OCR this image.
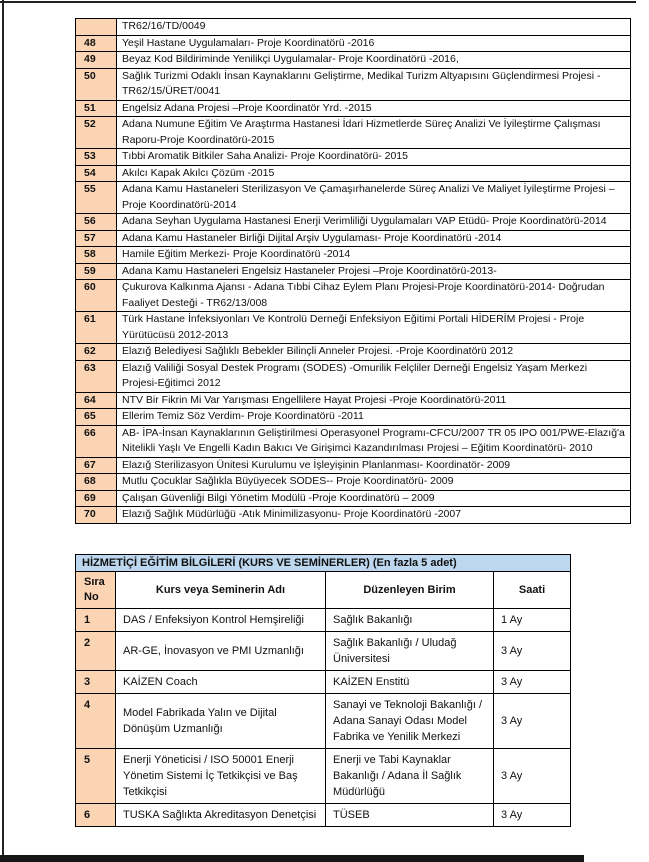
	TR62/16/TD/0049
48	Yeşil Hastane Uygulamaları- Proje Koordinatörü -2016
49	Beyaz Kod Bildiriminde Yenilikçi Uygulamalar- Proje Koordinatörü -2016,
50	Sağlık Turizmi Odaklı İnsan Kaynaklarını Geliştirme, Medikal Turizm Altyapısını Güçlendirmesi Projesi -TR62/15/ÜRET/0041
51	Engelsiz Adana Projesi –Proje Koordinatör Yrd. -2015
52	Adana Numune Eğitim Ve Araştırma Hastanesi İdari Hizmetlerde Süreç Analizi Ve İyileştirme Çalışması Raporu-Proje Koordinatörü-2015
53	Tıbbi Aromatik Bitkiler Saha Analizi- Proje Koordinatörü- 2015
54	Akılcı Kapak Akılcı Çözüm -2015
55	Adana Kamu Hastaneleri Sterilizasyon Ve Çamaşırhanelerde Süreç Analizi Ve Maliyet İyileştirme Projesi –Proje Koordinatörü-2014
56	Adana Seyhan Uygulama Hastanesi Enerji Verimliliği Uygulamaları VAP Etüdü- Proje Koordinatörü-2014
57	Adana Kamu Hastaneler Birliği Dijital Arşiv Uygulaması- Proje Koordinatörü -2014
58	Hamile Eğitim Merkezi- Proje Koordinatörü -2014
59	Adana Kamu Hastaneleri Engelsiz Hastaneler Projesi –Proje Koordinatörü-2013-
60	Çukurova Kalkınma Ajansı - Adana Tıbbi Cihaz Eylem Planı Projesi-Proje Koordinatörü-2014- Doğrudan Faaliyet Desteği - TR62/13/008
61	Türk Hastane İnfeksiyonları Ve Kontrolü Derneği Enfeksiyon Eğitimi Portali HİDERİM Projesi - Proje Yürütücüsü 2012-2013
62	Elazığ Belediyesi Sağlıklı Bebekler Bilinçli Anneler Projesi. -Proje Koordinatörü 2012
63	Elazığ Valiliği Sosyal Destek Programı (SODES) -Omurilik Felçliler Derneği Engelsiz Yaşam Merkezi Projesi-Eğitimci 2012
64	NTV Bir Fikrin Mi Var Yarışması Engellilere Hayat Projesi -Proje Koordinatörü-2011
65	Ellerim Temiz Söz Verdim- Proje Koordinatörü -2011
66	AB- İPA-İnsan Kaynaklarının Geliştirilmesi Operasyonel Programı-CFCU/2007 TR 05 IPO 001/PWE-Elazığ'a Nitelikli Yaşlı Ve Engelli Kadın Bakıcı Ve Girişimci Kazandırılması Projesi – Eğitim Koordinatörü- 2010
67	Elazığ Sterilizasyon Ünitesi Kurulumu ve İşleyişinin Planlanması- Koordinatör- 2009
68	Mutlu Çocuklar Sağlıkla Büyüyecek SODES-- Proje Koordinatörü- 2009
69	Çalışan Güvenliği Bilgi Yönetim Modülü -Proje Koordinatörü – 2009
70	Elazığ Sağlık Müdürlüğü -Atık Minimilizasyonu- Proje Koordinatörü -2007
HİZMETİÇİ EĞİTİM BİLGİLERİ (KURS VE SEMİNERLER) (En fazla 5 adet)			
Sıra No	Kurs veya Seminerin Adı	Düzenleyen Birim	Saati
1	DAS / Enfeksiyon Kontrol Hemşireliği	Sağlık Bakanlığı	1 Ay
2	AR-GE, İnovasyon ve PMI Uzmanlığı	Sağlık Bakanlığı / Uludağ Üniversitesi	3 Ay
3	KAİZEN Coach	KAİZEN Enstitü	3 Ay
4	Model Fabrikada Yalın ve Dijital Dönüşüm Uzmanlığı	Sanayi ve Teknoloji Bakanlığı / Adana Sanayi Odası Model Fabrika ve Yenilik Merkezi	3 Ay
5	Enerji Yöneticisi / ISO 50001 Enerji Yönetim Sistemi İç Tetkikçisi ve Baş Tetkikçisi	Enerji ve Tabi Kaynaklar Bakanlığı / Adana İl Sağlık Müdürlüğü	3 Ay
6	TUSKA Sağlıkta Akreditasyon Denetçisi	TÜSEB	3 Ay
